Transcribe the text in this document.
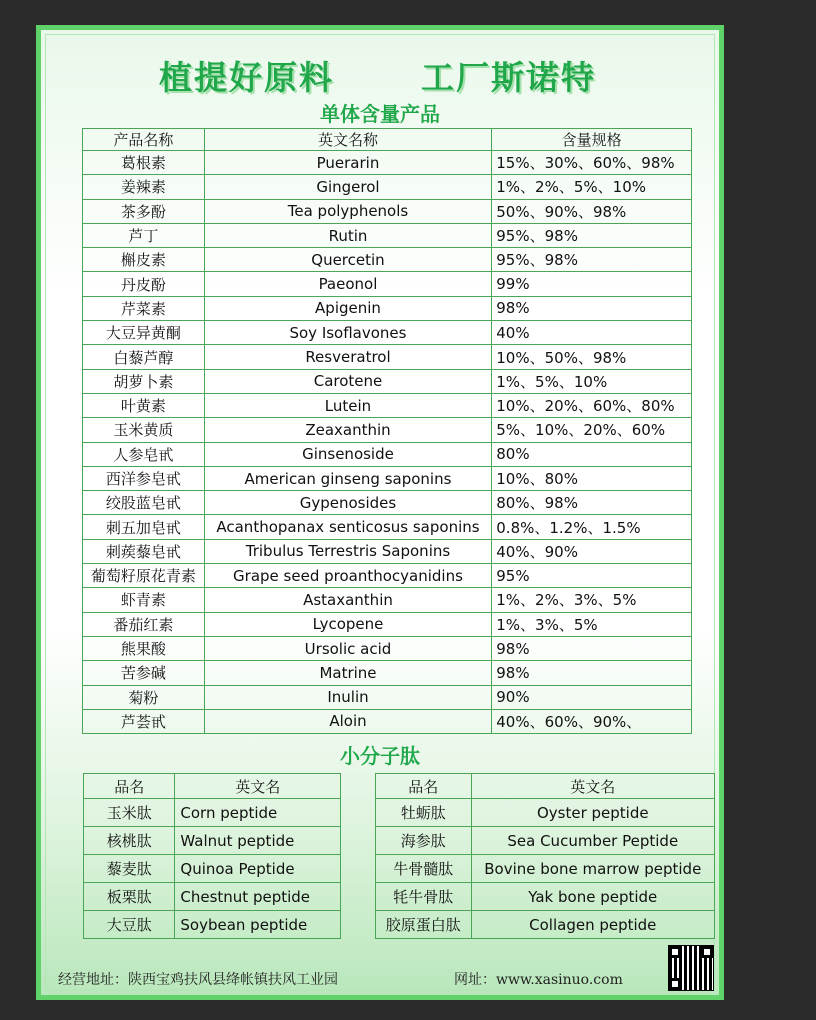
植提好原料	工厂斯诺特
单体含量产品
产品名称	英文名称	含量规格
葛根素	Puerarin	15%、30%、60%、98%
姜辣素	Gingerol	1%、2%、5%、10%
茶多酚	Tea polyphenols	50%、90%、98%
芦丁	Rutin	95%、98%
槲皮素	Quercetin	95%、98%
丹皮酚	Paeonol	99%
芹菜素	Apigenin	98%
大豆异黄酮	Soy Isoflavones	40%
白藜芦醇	Resveratrol	10%、50%、98%
胡萝卜素	Carotene	1%、5%、10%
叶黄素	Lutein	10%、20%、60%、80%
玉米黄质	Zeaxanthin	5%、10%、20%、60%
人参皂甙	Ginsenoside	80%
西洋参皂甙	American ginseng saponins	10%、80%
绞股蓝皂甙	Gypenosides	80%、98%
刺五加皂甙	Acanthopanax senticosus saponins	0.8%、1.2%、1.5%
刺蒺藜皂甙	Tribulus Terrestris Saponins	40%、90%
葡萄籽原花青素	Grape seed proanthocyanidins	95%
虾青素	Astaxanthin	1%、2%、3%、5%
番茄红素	Lycopene	1%、3%、5%
熊果酸	Ursolic acid	98%
苦参碱	Matrine	98%
菊粉	Inulin	90%
芦荟甙	Aloin	40%、60%、90%、
小分子肽
品名	英文名
玉米肽	Corn peptide
核桃肽	Walnut peptide
藜麦肽	Quinoa Peptide
板栗肽	Chestnut peptide
大豆肽	Soybean peptide
品名	英文名
牡蛎肽	Oyster peptide
海参肽	Sea Cucumber Peptide
牛骨髓肽	Bovine bone marrow peptide
牦牛骨肽	Yak bone peptide
胶原蛋白肽	Collagen peptide
经营地址：陕西宝鸡扶风县绛帐镇扶风工业园	网址：www.xasinuo.com
